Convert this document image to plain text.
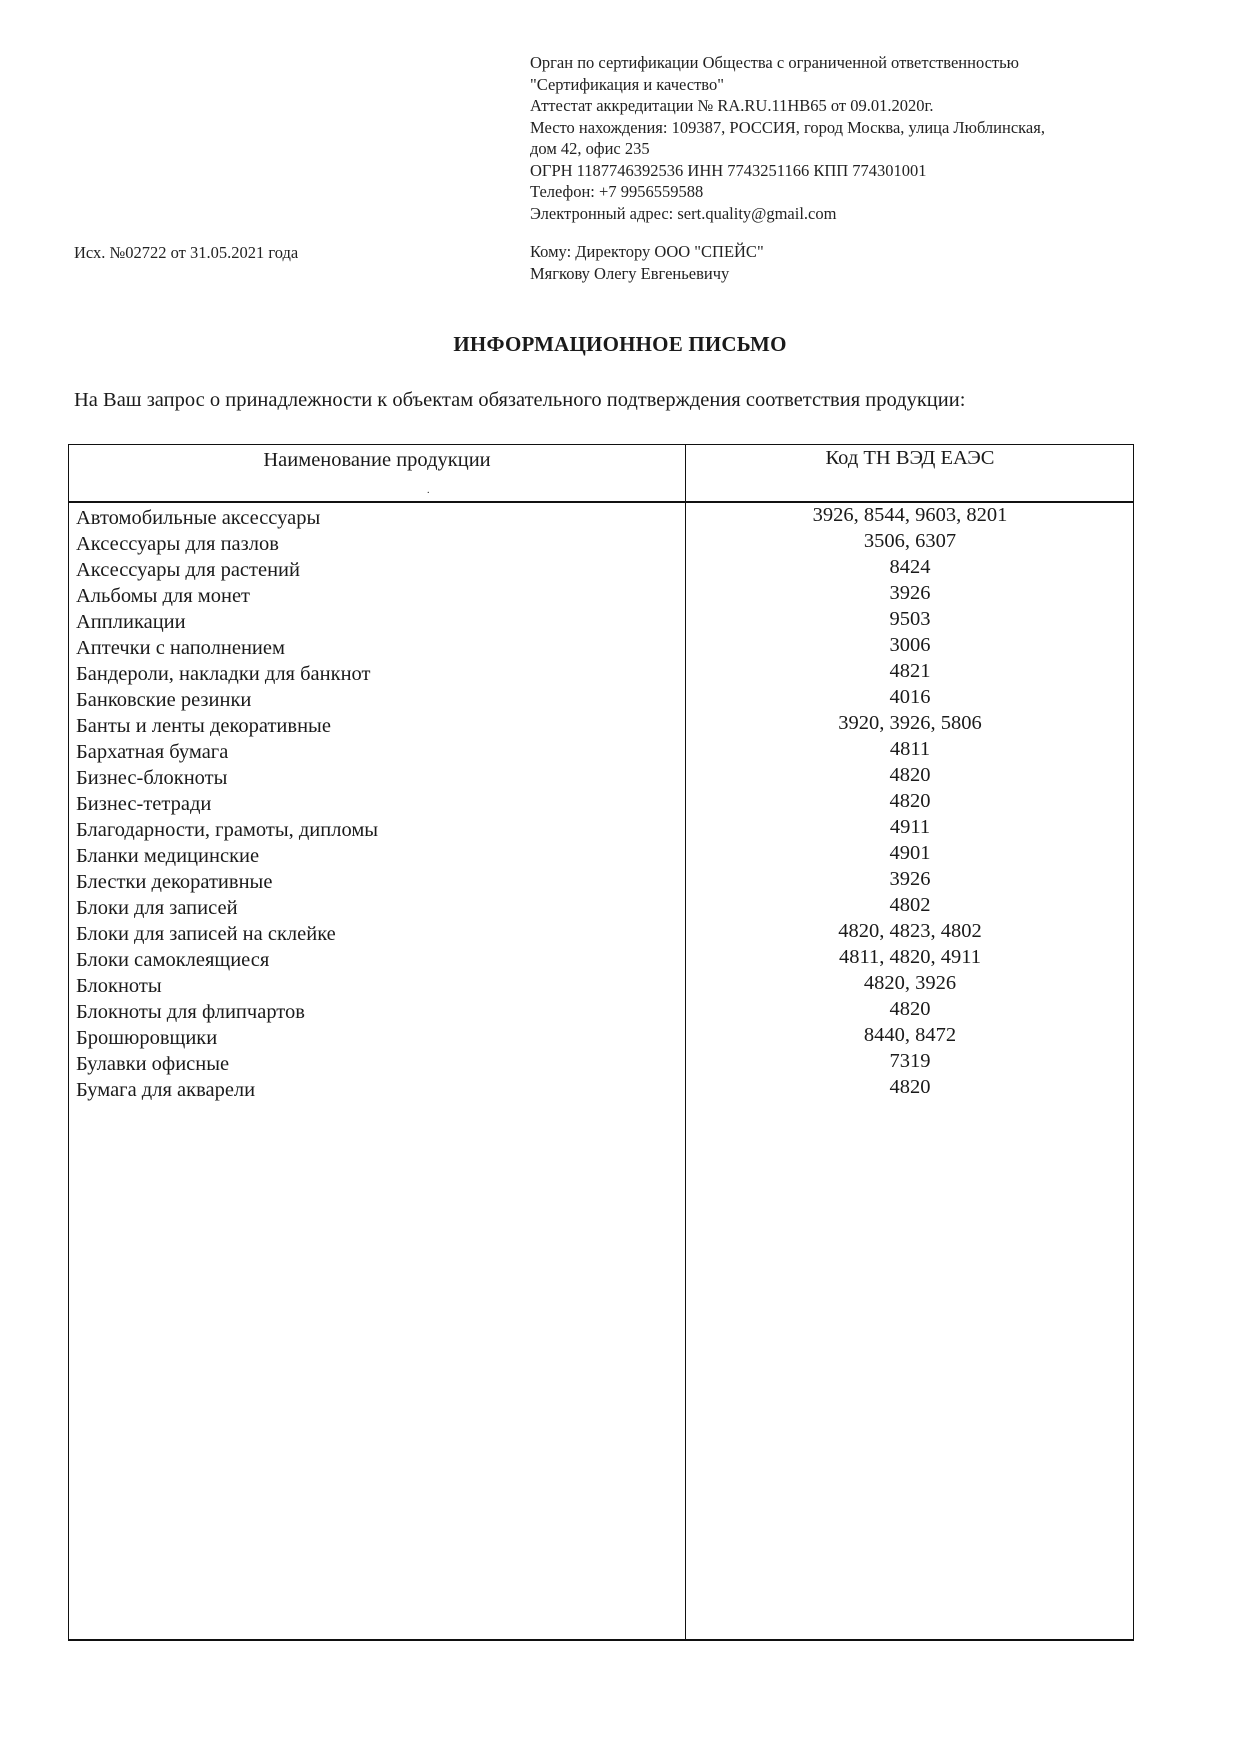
Орган по сертификации Общества с ограниченной ответственностью
"Сертификация и качество"
Аттестат аккредитации № RA.RU.11НВ65 от 09.01.2020г.
Место нахождения: 109387, РОССИЯ, город Москва, улица Люблинская,
дом 42, офис 235
ОГРН 1187746392536 ИНН 7743251166 КПП 774301001
Телефон: +7 9956559588
Электронный адрес: sert.quality@gmail.com
Исх. №02722 от 31.05.2021 года	Кому: Директору ООО "СПЕЙС"
Мягкову Олегу Евгеньевичу
ИНФОРМАЦИОННОЕ ПИСЬМО
На Ваш запрос о принадлежности к объектам обязательного подтверждения соответствия продукции:
Наименование продукции	Код ТН ВЭД ЕАЭС
.
Автомобильные аксессуары	3926, 8544, 9603, 8201
Аксессуары для пазлов	3506, 6307
Аксессуары для растений	8424
Альбомы для монет	3926
Аппликации	9503
Аптечки с наполнением	3006
Бандероли, накладки для банкнот	4821
Банковские резинки	4016
Банты и ленты декоративные	3920, 3926, 5806
Бархатная бумага	4811
Бизнес-блокноты	4820
Бизнес-тетради	4820
Благодарности, грамоты, дипломы	4911
Бланки медицинские	4901
Блестки декоративные	3926
Блоки для записей	4802
Блоки для записей на склейке	4820, 4823, 4802
Блоки самоклеящиеся	4811, 4820, 4911
Блокноты	4820, 3926
Блокноты для флипчартов	4820
Брошюровщики	8440, 8472
Булавки офисные	7319
Бумага для акварели	4820
